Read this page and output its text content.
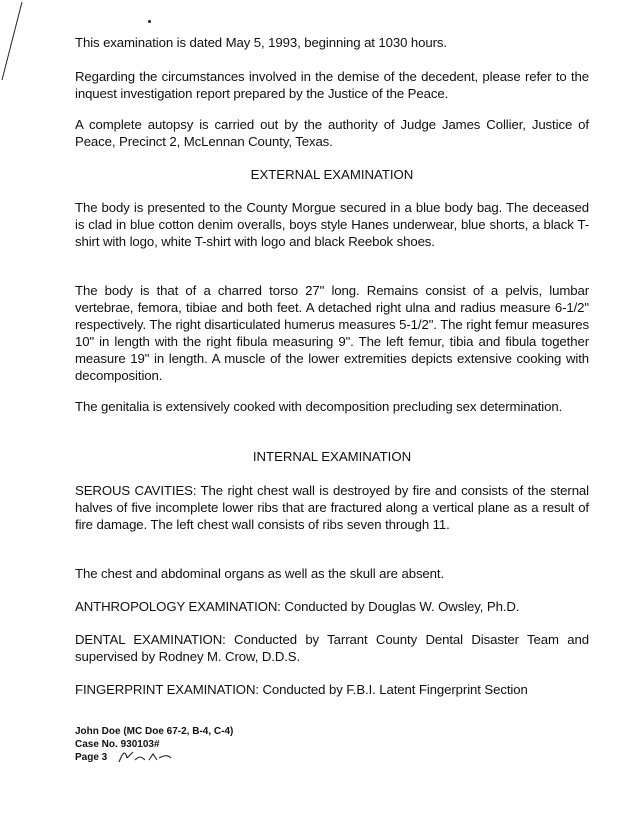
This examination is dated May 5, 1993, beginning at 1030 hours.

Regarding the circumstances involved in the demise of the decedent, please refer to the inquest investigation report prepared by the Justice of the Peace.

A complete autopsy is carried out by the authority of Judge James Collier, Justice of Peace, Precinct 2, McLennan County, Texas.

EXTERNAL EXAMINATION

The body is presented to the County Morgue secured in a blue body bag. The deceased is clad in blue cotton denim overalls, boys style Hanes underwear, blue shorts, a black T-shirt with logo, white T-shirt with logo and black Reebok shoes.

The body is that of a charred torso 27" long. Remains consist of a pelvis, lumbar vertebrae, femora, tibiae and both feet. A detached right ulna and radius measure 6-1/2" respectively. The right disarticulated humerus measures 5-1/2". The right femur measures 10" in length with the right fibula measuring 9". The left femur, tibia and fibula together measure 19" in length. A muscle of the lower extremities depicts extensive cooking with decomposition.

The genitalia is extensively cooked with decomposition precluding sex determination.

INTERNAL EXAMINATION

SEROUS CAVITIES: The right chest wall is destroyed by fire and consists of the sternal halves of five incomplete lower ribs that are fractured along a vertical plane as a result of fire damage. The left chest wall consists of ribs seven through 11.

The chest and abdominal organs as well as the skull are absent.

ANTHROPOLOGY EXAMINATION: Conducted by Douglas W. Owsley, Ph.D.

DENTAL EXAMINATION: Conducted by Tarrant County Dental Disaster Team and supervised by Rodney M. Crow, D.D.S.

FINGERPRINT EXAMINATION: Conducted by F.B.I. Latent Fingerprint Section

John Doe (MC Doe 67-2, B-4, C-4)

Case No. 930103#

Page 3
